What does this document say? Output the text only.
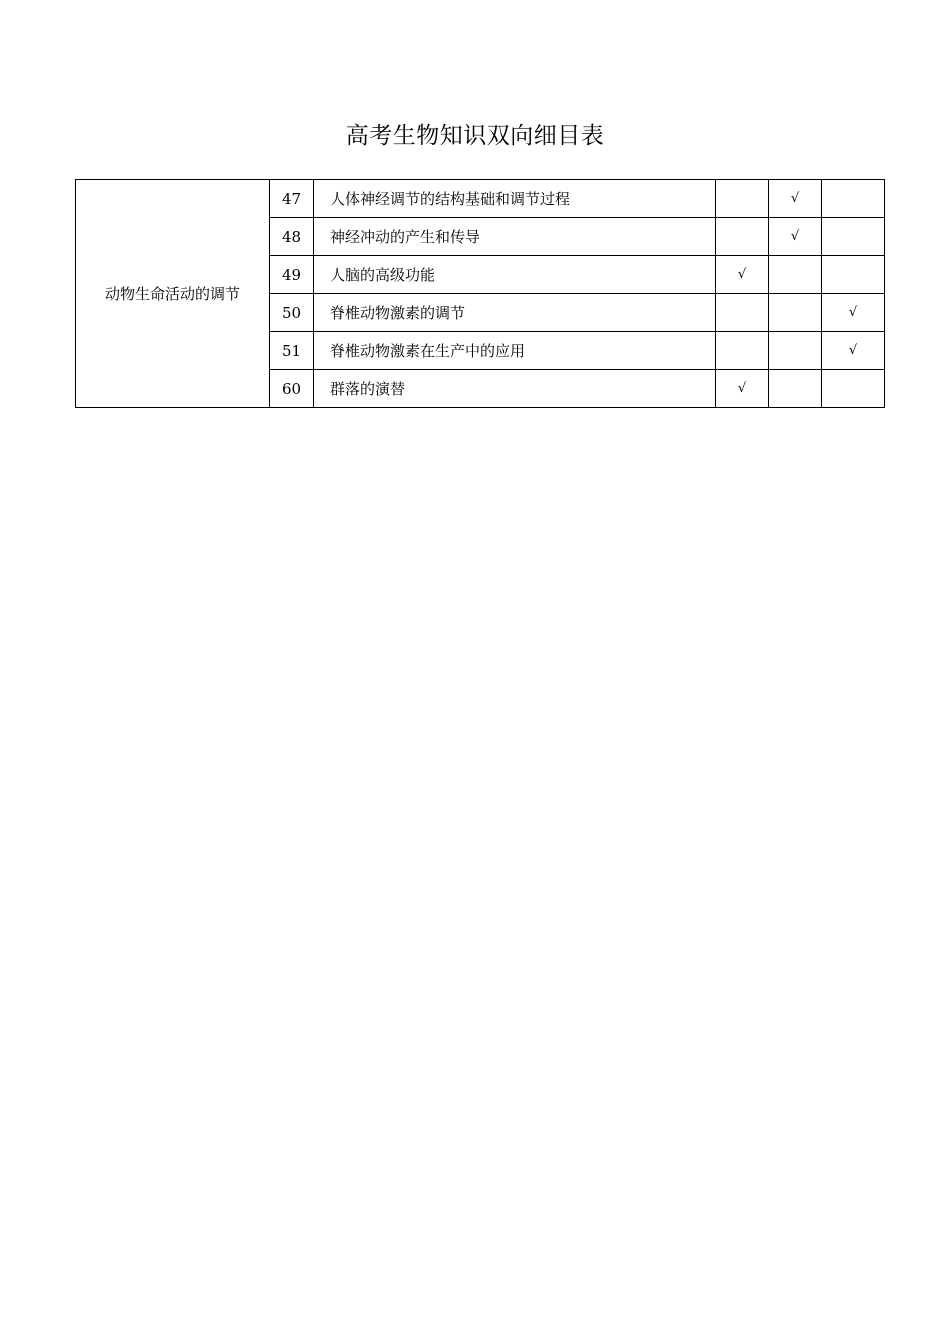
高考生物知识双向细目表
动物生命活动的调节	47	人体神经调节的结构基础和调节过程		√	
	48	神经冲动的产生和传导		√	
	49	人脑的高级功能	√		
	50	脊椎动物激素的调节			√
	51	脊椎动物激素在生产中的应用			√
	60	群落的演替	√		
